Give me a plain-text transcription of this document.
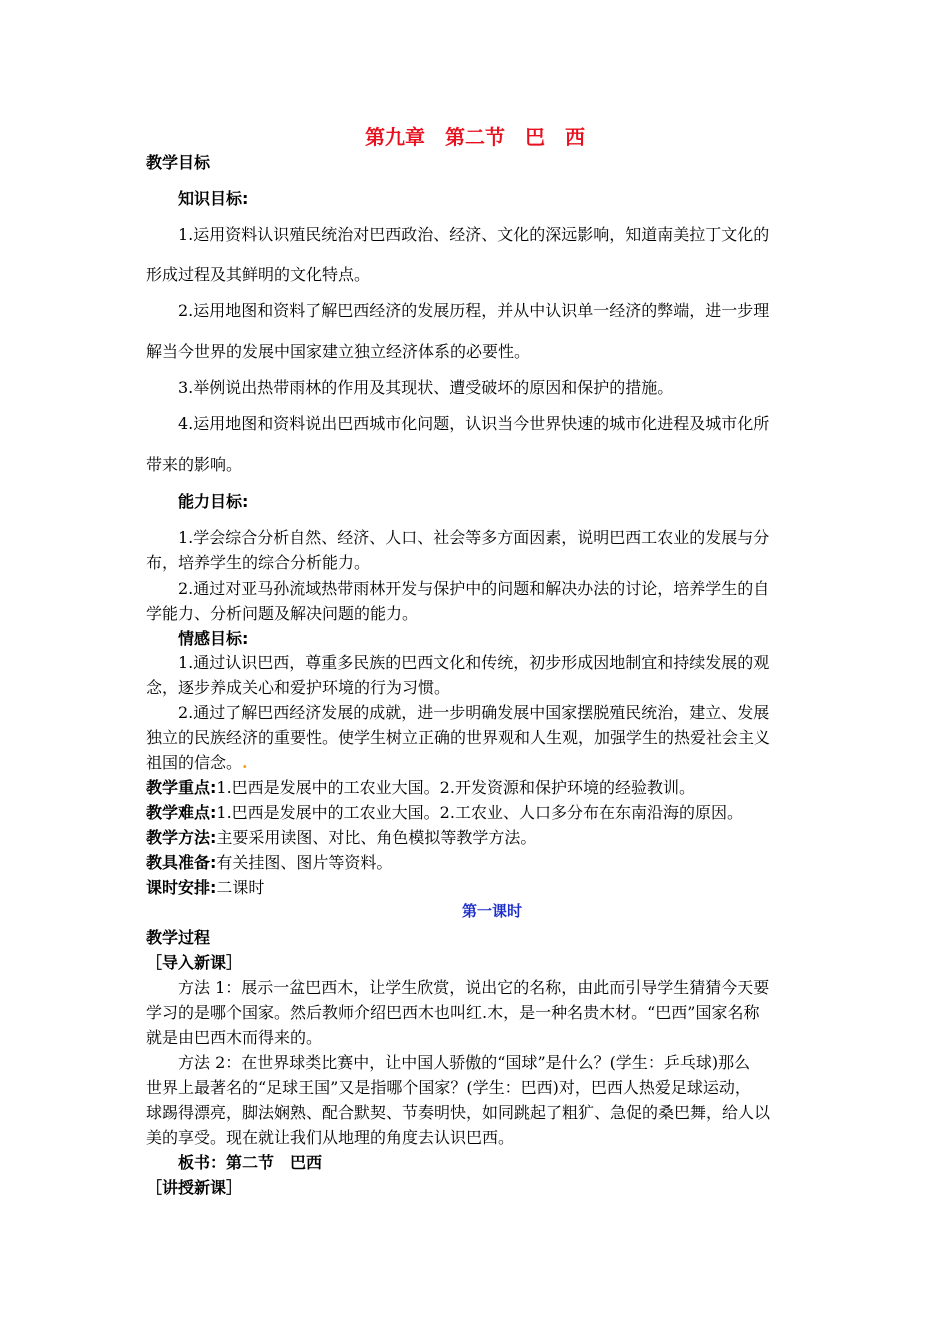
第九章　第二节　巴　西
教学目标
知识目标:
1.运用资料认识殖民统治对巴西政治、经济、文化的深远影响，知道南美拉丁文化的
形成过程及其鲜明的文化特点。
2.运用地图和资料了解巴西经济的发展历程，并从中认识单一经济的弊端，进一步理
解当今世界的发展中国家建立独立经济体系的必要性。
3.举例说出热带雨林的作用及其现状、遭受破坏的原因和保护的措施。
4.运用地图和资料说出巴西城市化问题，认识当今世界快速的城市化进程及城市化所
带来的影响。
能力目标:
1.学会综合分析自然、经济、人口、社会等多方面因素，说明巴西工农业的发展与分
布，培养学生的综合分析能力。
2.通过对亚马孙流域热带雨林开发与保护中的问题和解决办法的讨论，培养学生的自
学能力、分析问题及解决问题的能力。
情感目标:
1.通过认识巴西，尊重多民族的巴西文化和传统，初步形成因地制宜和持续发展的观
念，逐步养成关心和爱护环境的行为习惯。
2.通过了解巴西经济发展的成就，进一步明确发展中国家摆脱殖民统治，建立、发展
独立的民族经济的重要性。使学生树立正确的世界观和人生观，加强学生的热爱社会主义
祖国的信念。.
教学重点:1.巴西是发展中的工农业大国。2.开发资源和保护环境的经验教训。
教学难点:1.巴西是发展中的工农业大国。2.工农业、人口多分布在东南沿海的原因。
教学方法:主要采用读图、对比、角色模拟等教学方法。
教具准备:有关挂图、图片等资料。
课时安排:二课时
第一课时
教学过程
［导入新课］
方法 1：展示一盆巴西木，让学生欣赏，说出它的名称，由此而引导学生猜猜今天要
学习的是哪个国家。然后教师介绍巴西木也叫红.木，是一种名贵木材。“巴西”国家名称
就是由巴西木而得来的。
方法 2：在世界球类比赛中，让中国人骄傲的“国球”是什么？(学生：乒乓球)那么
世界上最著名的“足球王国”又是指哪个国家？(学生：巴西)对，巴西人热爱足球运动，
球踢得漂亮，脚法娴熟、配合默契、节奏明快，如同跳起了粗犷、急促的桑巴舞，给人以
美的享受。现在就让我们从地理的角度去认识巴西。
板书：第二节　巴西
［讲授新课］
